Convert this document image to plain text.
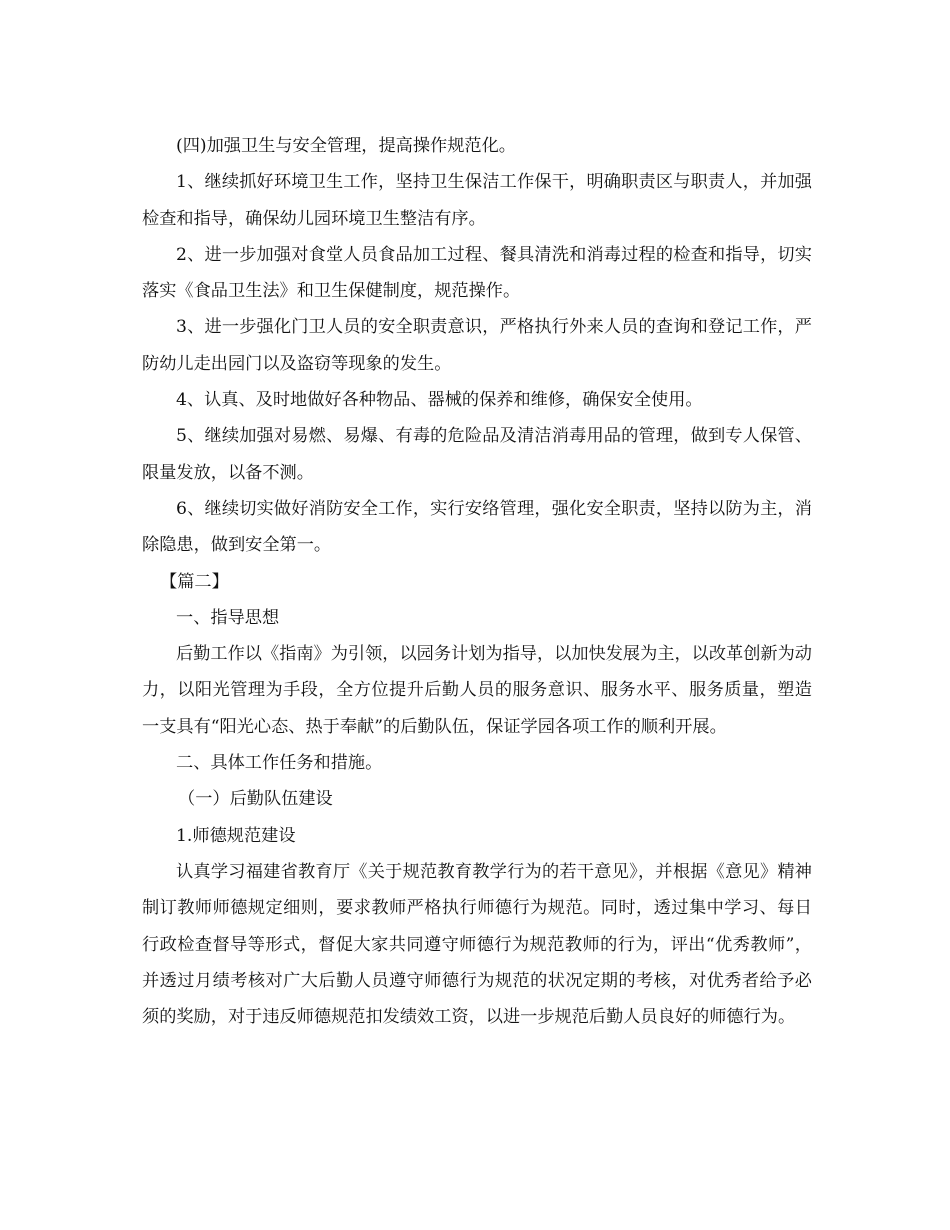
(四)加强卫生与安全管理，提高操作规范化。

1、继续抓好环境卫生工作，坚持卫生保洁工作保干，明确职责区与职责人，并加强检查和指导，确保幼儿园环境卫生整洁有序。

2、进一步加强对食堂人员食品加工过程、餐具清洗和消毒过程的检查和指导，切实落实《食品卫生法》和卫生保健制度，规范操作。

3、进一步强化门卫人员的安全职责意识，严格执行外来人员的查询和登记工作，严防幼儿走出园门以及盗窃等现象的发生。

4、认真、及时地做好各种物品、器械的保养和维修，确保安全使用。

5、继续加强对易燃、易爆、有毒的危险品及清洁消毒用品的管理，做到专人保管、限量发放，以备不测。

6、继续切实做好消防安全工作，实行安络管理，强化安全职责，坚持以防为主，消除隐患，做到安全第一。

【篇二】

一、指导思想

后勤工作以《指南》为引领，以园务计划为指导，以加快发展为主，以改革创新为动力，以阳光管理为手段，全方位提升后勤人员的服务意识、服务水平、服务质量，塑造一支具有“阳光心态、热于奉献”的后勤队伍，保证学园各项工作的顺利开展。

二、具体工作任务和措施。

（一）后勤队伍建设

1.师德规范建设

认真学习福建省教育厅《关于规范教育教学行为的若干意见》，并根据《意见》精神制订教师师德规定细则，要求教师严格执行师德行为规范。同时，透过集中学习、每日行政检查督导等形式，督促大家共同遵守师德行为规范教师的行为，评出“优秀教师”，并透过月绩考核对广大后勤人员遵守师德行为规范的状况定期的考核，对优秀者给予必须的奖励，对于违反师德规范扣发绩效工资，以进一步规范后勤人员良好的师德行为。
